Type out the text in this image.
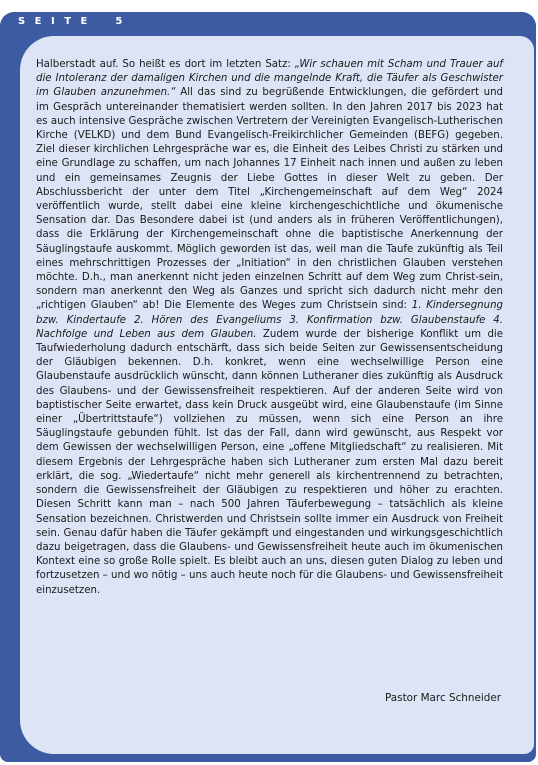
S E I T E 5

Halberstadt auf. So heißt es dort im letzten Satz: „Wir schauen mit Scham und Trauer auf die Intoleranz der damaligen Kirchen und die mangelnde Kraft, die Täufer als Geschwister im Glauben anzunehmen.“ All das sind zu begrüßende Entwicklungen, die gefördert und im Gespräch untereinander thematisiert werden sollten. In den Jahren 2017 bis 2023 hat es auch intensive Gespräche zwischen Vertretern der Vereinigten Evangelisch-Lutherischen Kirche (VELKD) und dem Bund Evangelisch-Freikirchlicher Gemeinden (BEFG) gegeben. Ziel dieser kirchlichen Lehrgespräche war es, die Einheit des Leibes Christi zu stärken und eine Grundlage zu schaffen, um nach Johannes 17 Einheit nach innen und außen zu leben und ein gemeinsames Zeugnis der Liebe Gottes in dieser Welt zu geben. Der Abschlussbericht der unter dem Titel „Kirchengemeinschaft auf dem Weg“ 2024 veröffentlich wurde, stellt dabei eine kleine kirchengeschichtliche und ökumenische Sensation dar. Das Besondere dabei ist (und anders als in früheren Veröffentlichungen), dass die Erklärung der Kirchengemeinschaft ohne die baptistische Anerkennung der Säuglingstaufe auskommt. Möglich geworden ist das, weil man die Taufe zukünftig als Teil eines mehrschrittigen Prozesses der „Initiation“ in den christlichen Glauben verstehen möchte. D.h., man anerkennt nicht jeden einzelnen Schritt auf dem Weg zum Christ-sein, sondern man anerkennt den Weg als Ganzes und spricht sich dadurch nicht mehr den „richtigen Glauben“ ab! Die Elemente des Weges zum Christsein sind: 1. Kindersegnung bzw. Kindertaufe 2. Hören des Evangeliums 3. Konfirmation bzw. Glaubenstaufe 4. Nachfolge und Leben aus dem Glauben. Zudem wurde der bisherige Konflikt um die Taufwiederholung dadurch entschärft, dass sich beide Seiten zur Gewissensentscheidung der Gläubigen bekennen. D.h. konkret, wenn eine wechselwillige Person eine Glaubenstaufe ausdrücklich wünscht, dann können Lutheraner dies zukünftig als Ausdruck des Glaubens- und der Gewissensfreiheit respektieren. Auf der anderen Seite wird von baptistischer Seite erwartet, dass kein Druck ausgeübt wird, eine Glaubenstaufe (im Sinne einer „Übertrittstaufe“) vollziehen zu müssen, wenn sich eine Person an ihre Säuglingstaufe gebunden fühlt. Ist das der Fall, dann wird gewünscht, aus Respekt vor dem Gewissen der wechselwilligen Person, eine „offene Mitgliedschaft“ zu realisieren. Mit diesem Ergebnis der Lehrgespräche haben sich Lutheraner zum ersten Mal dazu bereit erklärt, die sog. „Wiedertaufe“ nicht mehr generell als kirchentrennend zu betrachten, sondern die Gewissensfreiheit der Gläubigen zu respektieren und höher zu erachten. Diesen Schritt kann man – nach 500 Jahren Täuferbewegung – tatsächlich als kleine Sensation bezeichnen. Christwerden und Christsein sollte immer ein Ausdruck von Freiheit sein. Genau dafür haben die Täufer gekämpft und eingestanden und wirkungsgeschichtlich dazu beigetragen, dass die Glaubens- und Gewissensfreiheit heute auch im ökumenischen Kontext eine so große Rolle spielt. Es bleibt auch an uns, diesen guten Dialog zu leben und fortzusetzen – und wo nötig – uns auch heute noch für die Glaubens- und Gewissensfreiheit einzusetzen.

Pastor Marc Schneider
